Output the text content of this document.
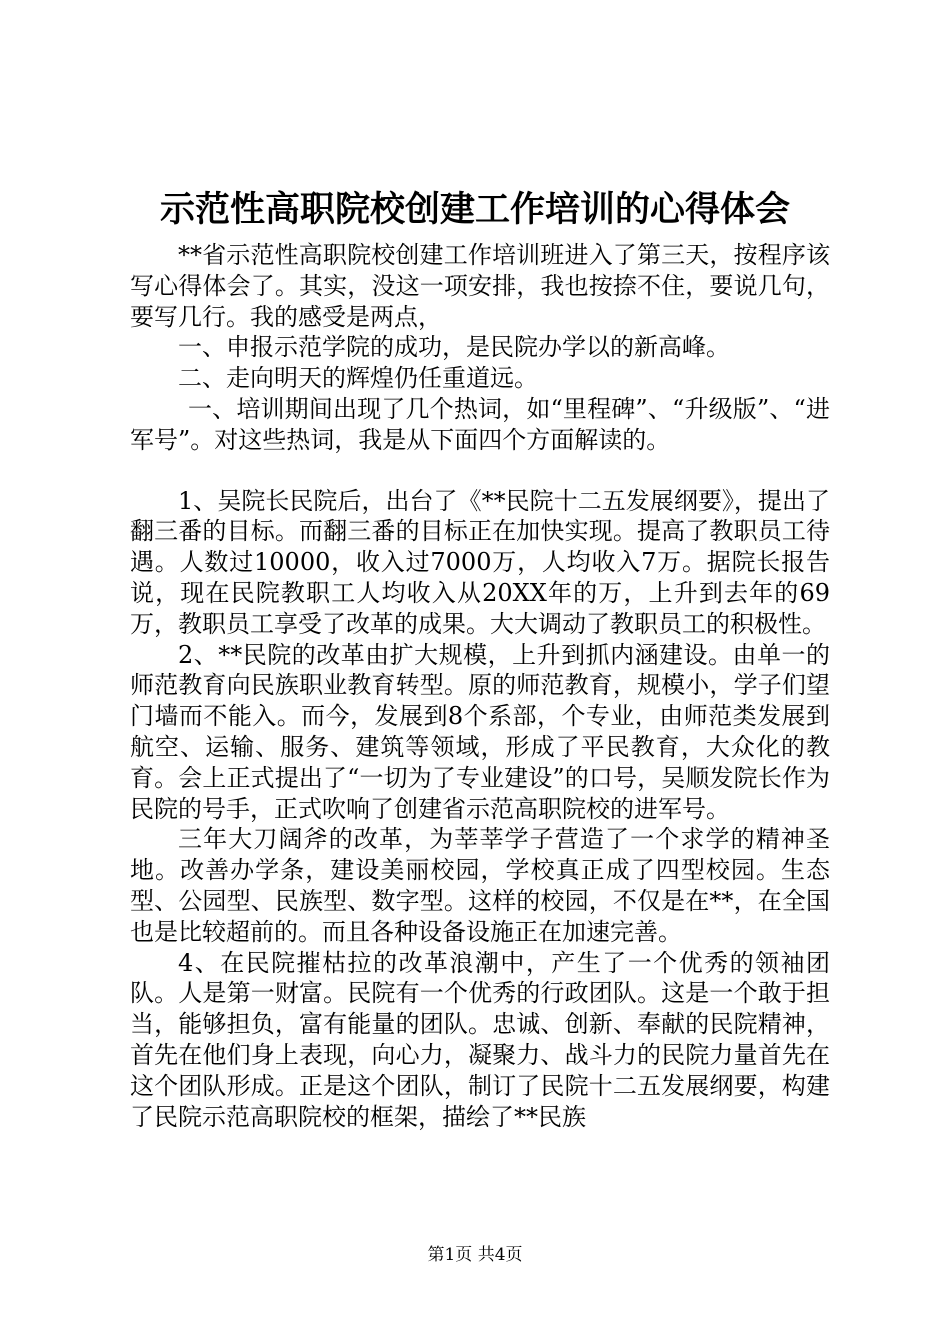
示范性高职院校创建工作培训的心得体会

**省示范性高职院校创建工作培训班进入了第三天，按程序该写心得体会了。其实，没这一项安排，我也按捺不住，要说几句，要写几行。我的感受是两点，

一、申报示范学院的成功，是民院办学以的新高峰。

二、走向明天的辉煌仍任重道远。

一、培训期间出现了几个热词，如“里程碑”、“升级版”、“进军号”。对这些热词，我是从下面四个方面解读的。

1、吴院长民院后，出台了《**民院十二五发展纲要》，提出了翻三番的目标。而翻三番的目标正在加快实现。提高了教职员工待遇。人数过10000，收入过7000万，人均收入7万。据院长报告说，现在民院教职工人均收入从20XX年的万，上升到去年的69万，教职员工享受了改革的成果。大大调动了教职员工的积极性。

2、**民院的改革由扩大规模，上升到抓内涵建设。由单一的师范教育向民族职业教育转型。原的师范教育，规模小，学子们望门墙而不能入。而今，发展到8个系部，个专业，由师范类发展到航空、运输、服务、建筑等领域，形成了平民教育，大众化的教育。会上正式提出了“一切为了专业建设”的口号，吴顺发院长作为民院的号手，正式吹响了创建省示范高职院校的进军号。

三年大刀阔斧的改革，为莘莘学子营造了一个求学的精神圣地。改善办学条，建设美丽校园，学校真正成了四型校园。生态型、公园型、民族型、数字型。这样的校园，不仅是在**，在全国也是比较超前的。而且各种设备设施正在加速完善。

4、在民院摧枯拉的改革浪潮中，产生了一个优秀的领袖团队。人是第一财富。民院有一个优秀的行政团队。这是一个敢于担当，能够担负，富有能量的团队。忠诚、创新、奉献的民院精神，首先在他们身上表现，向心力，凝聚力、战斗力的民院力量首先在这个团队形成。正是这个团队，制订了民院十二五发展纲要，构建了民院示范高职院校的框架，描绘了**民族

第1页 共4页
